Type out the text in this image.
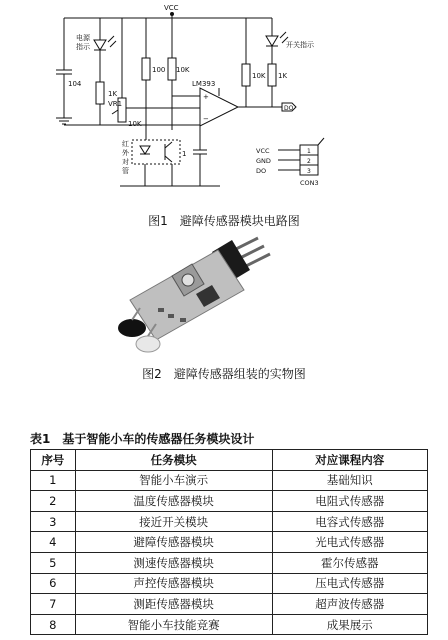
VCC
104
电源
指示
1K
VR1
10K
100 10K
红
外
对
管
1
+
−
LM393
DO
10K
开关指示
1K
VCC
GND
DO
1
2
3
CON3
图1　避障传感器模块电路图
图2　避障传感器组装的实物图
表1　基于智能小车的传感器任务模块设计
序号	任务模块	对应课程内容
1	智能小车演示	基础知识
2	温度传感器模块	电阻式传感器
3	接近开关模块	电容式传感器
4	避障传感器模块	光电式传感器
5	测速传感器模块	霍尔传感器
6	声控传感器模块	压电式传感器
7	测距传感器模块	超声波传感器
8	智能小车技能竞赛	成果展示
